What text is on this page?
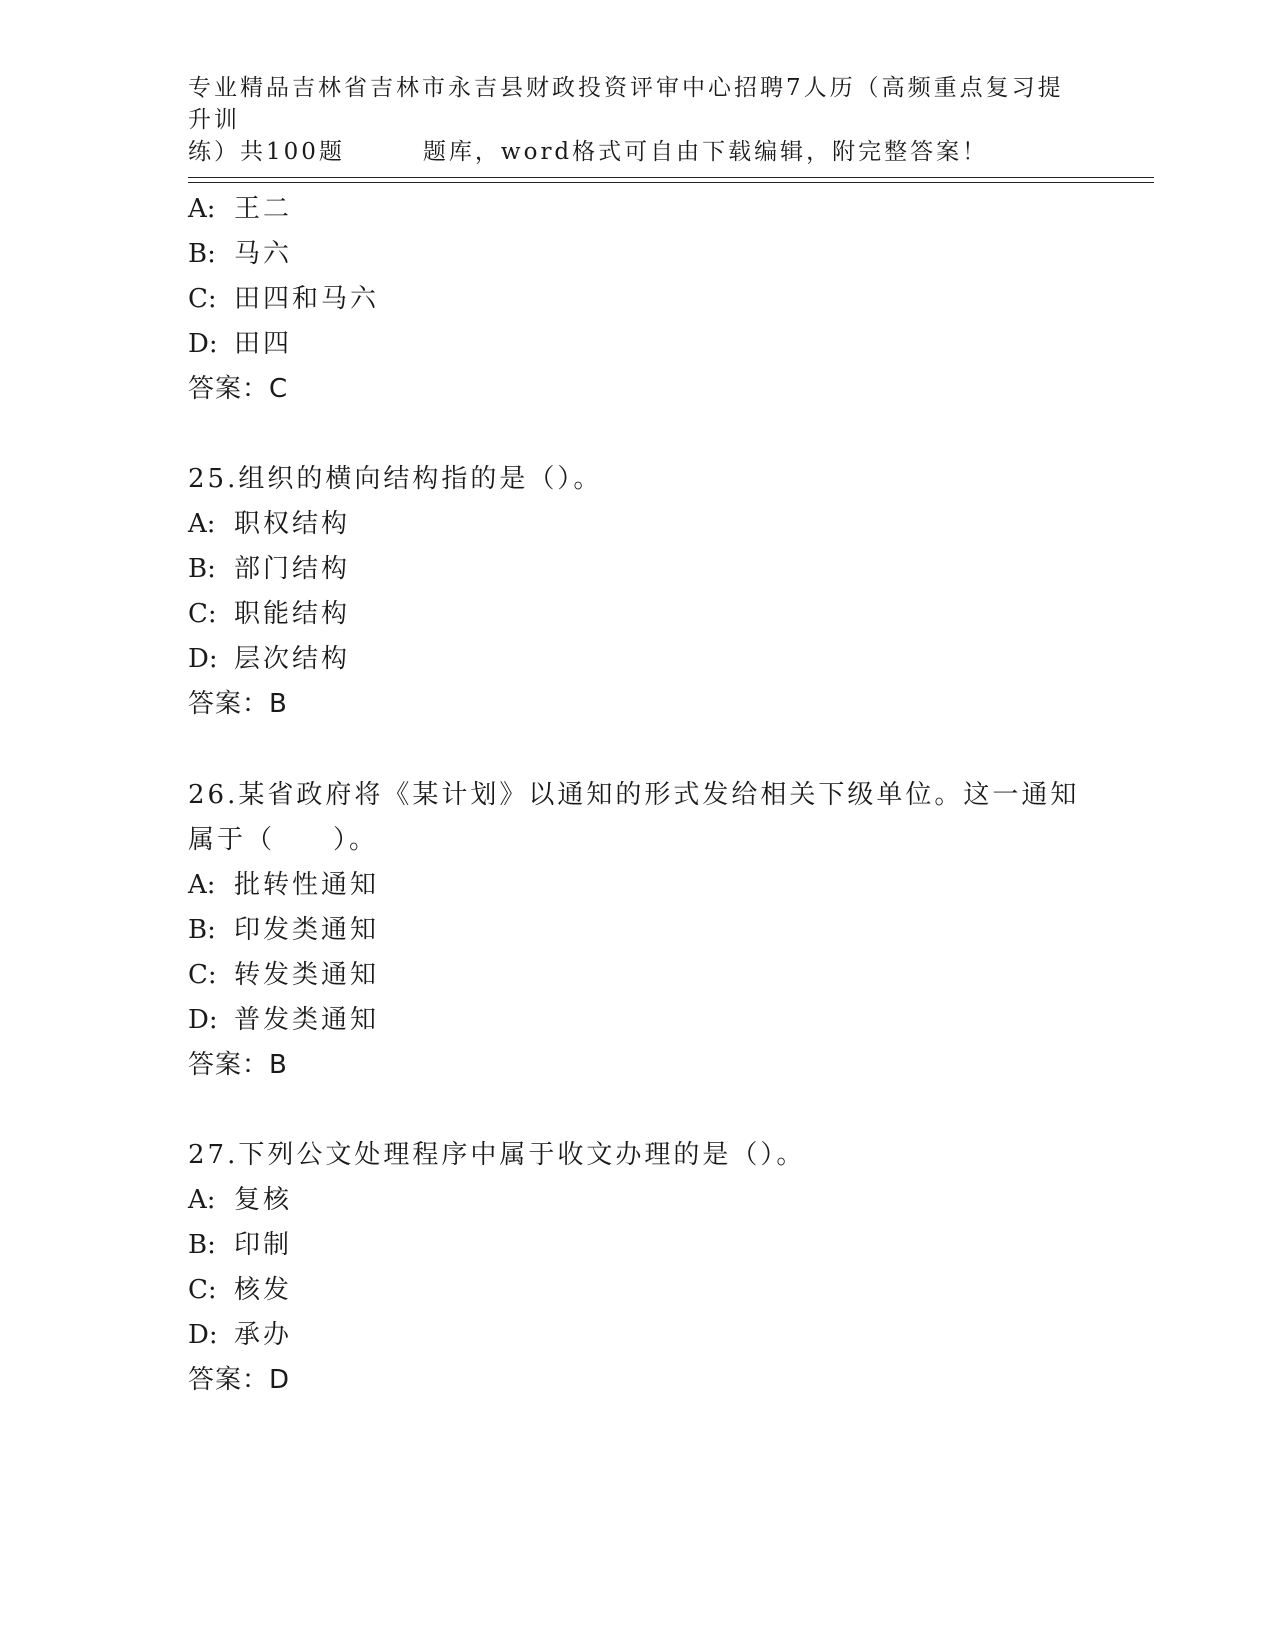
专业精品吉林省吉林市永吉县财政投资评审中心招聘7人历（高频重点复习提升训
练）共100题	题库，word格式可自由下载编辑，附完整答案！
A: 王二
B: 马六
C: 田四和马六
D: 田四
答案：C
25.组织的横向结构指的是（）。
A: 职权结构
B: 部门结构
C: 职能结构
D: 层次结构
答案：B
26.某省政府将《某计划》以通知的形式发给相关下级单位。这一通知
属于（　　）。
A: 批转性通知
B: 印发类通知
C: 转发类通知
D: 普发类通知
答案：B
27.下列公文处理程序中属于收文办理的是（）。
A: 复核
B: 印制
C: 核发
D: 承办
答案：D
